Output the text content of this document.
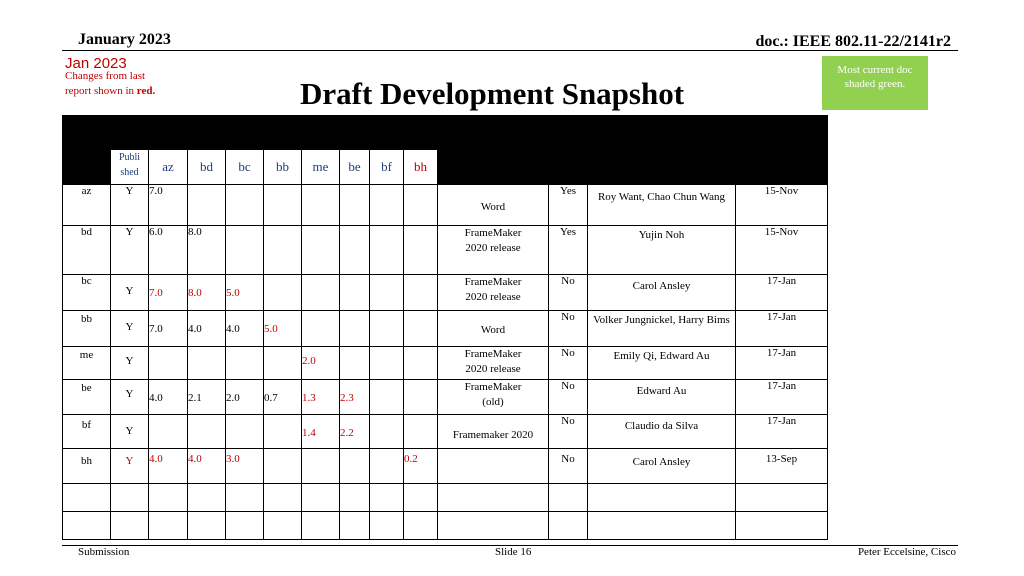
January 2023	doc.: IEEE 802.11-22/2141r2
Jan 2023
Changes from last
report shown in red.	Draft Development Snapshot
Most current doc shaded green.
TG	Published or Draft Baseline Document									Source	MDR	Editor	Snapshot Date

	Publi
shed	az	bd	bc	bb	me	be	bf	bh				
az	Y	7.0								Word	Yes	Roy Want, Chao Chun Wang	15-Nov
bd	Y	6.0	8.0							FrameMaker 2020 release	Yes	Yujin Noh	15-Nov
bc	Y	7.0	8.0	5.0						FrameMaker 2020 release	No	Carol Ansley	17-Jan
bb	Y	7.0	4.0	4.0	5.0					Word	No	Volker Jungnickel, Harry Bims	17-Jan
me	Y					2.0				FrameMaker 2020 release	No	Emily Qi, Edward Au	17-Jan
be	Y	4.0	2.1	2.0	0.7	1.3	2.3			FrameMaker (old)	No	Edward Au	17-Jan
bf	Y					1.4	2.2			Framemaker 2020	No	Claudio da Silva	17-Jan
bh	Y	4.0	4.0	3.0					0.2		No	Carol Ansley	13-Sep

Submission	Slide 16	Peter Eccelsine, Cisco
